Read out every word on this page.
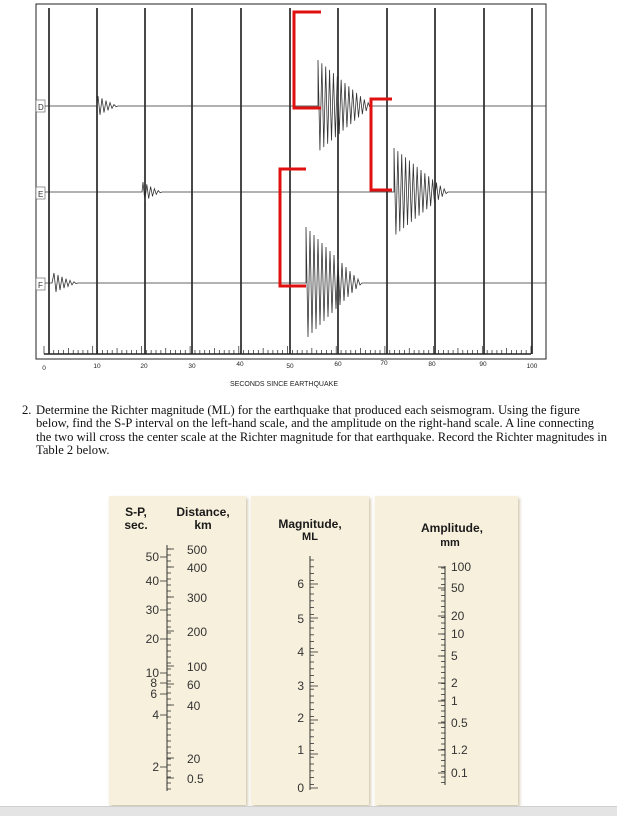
D
E
F
0	10	20	30	40	50	60	70	80	90	100
SECONDS SINCE EARTHQUAKE
2. Determine the Richter magnitude (ML) for the earthquake that produced each seismogram. Using the figure below, find the S-P interval on the left-hand scale, and the amplitude on the right-hand scale. A line connecting the two will cross the center scale at the Richter magnitude for that earthquake. Record the Richter magnitudes in Table 2 below.
S-P,
sec.
Distance,
km	Magnitude,
ML
Amplitude,
mm
50
40
30
20
10
8
6
4
2
500
400
300
200
100
60
40
20
0.5
6
5
4
3
2
1
0
100
50
20
10
5
2
1
0.5
1.2
0.1
